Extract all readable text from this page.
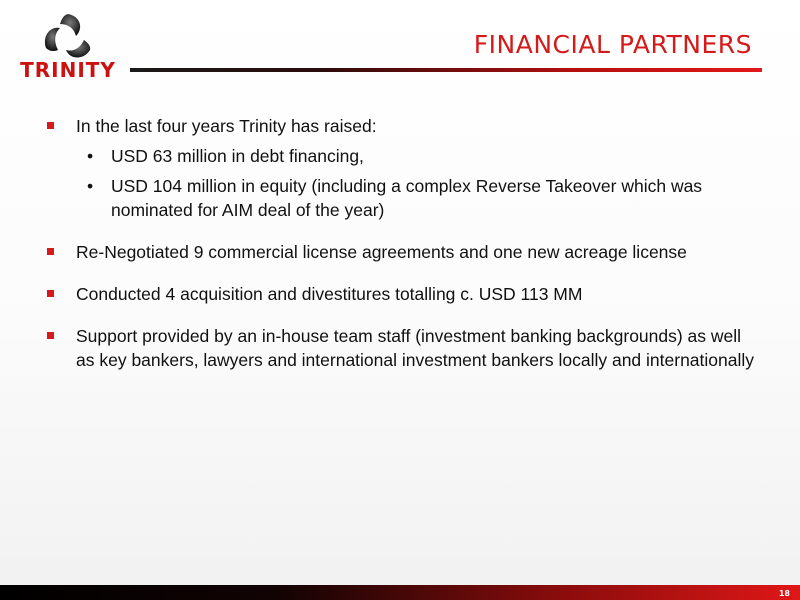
TRINITY
FINANCIAL PARTNERS
In the last four years Trinity has raised:
• USD 63 million in debt financing,
• USD 104 million in equity (including a complex Reverse Takeover which was nominated for AIM deal of the year)
Re-Negotiated 9 commercial license agreements and one new acreage license
Conducted 4 acquisition and divestitures totalling c. USD 113 MM
Support provided by an in-house team staff (investment banking backgrounds) as well as key bankers, lawyers and international investment bankers locally and internationally
18
